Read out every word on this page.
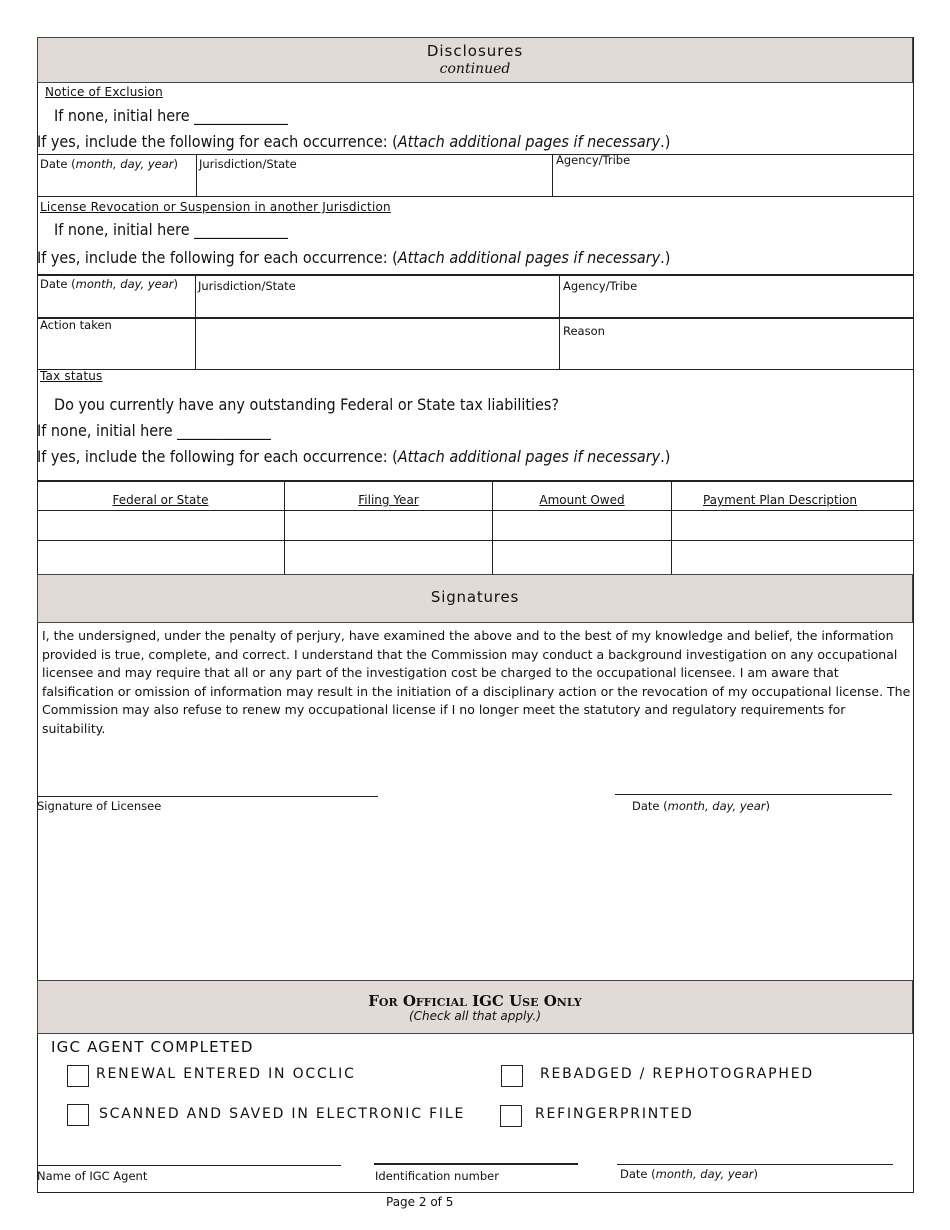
Disclosures
continued
Notice of Exclusion
If none, initial here _____________
If yes, include the following for each occurrence: (Attach additional pages if necessary.)
Date (month, day, year) Jurisdiction/State	Agency/Tribe
License Revocation or Suspension in another Jurisdiction
If none, initial here _____________
If yes, include the following for each occurrence: (Attach additional pages if necessary.)
Date (month, day, year) Jurisdiction/State	Agency/Tribe
Action taken	Reason
Tax status
Do you currently have any outstanding Federal or State tax liabilities?
If none, initial here _____________
If yes, include the following for each occurrence: (Attach additional pages if necessary.)
Federal or State	Filing Year	Amount Owed	Payment Plan Description
Signatures
I, the undersigned, under the penalty of perjury, have examined the above and to the best of my knowledge and belief, the information provided is true, complete, and correct. I understand that the Commission may conduct a background investigation on any occupational licensee and may require that all or any part of the investigation cost be charged to the occupational licensee. I am aware that falsification or omission of information may result in the initiation of a disciplinary action or the revocation of my occupational license. The Commission may also refuse to renew my occupational license if I no longer meet the statutory and regulatory requirements for suitability.
Signature of Licensee	Date (month, day, year)
For Official IGC Use Only
(Check all that apply.)
IGC AGENT COMPLETED
RENEWAL ENTERED IN OCCLIC	REBADGED / REPHOTOGRAPHED
SCANNED AND SAVED IN ELECTRONIC FILE	REFINGERPRINTED
Name of IGC Agent	Identification number	Date (month, day, year)
Page 2 of 5
